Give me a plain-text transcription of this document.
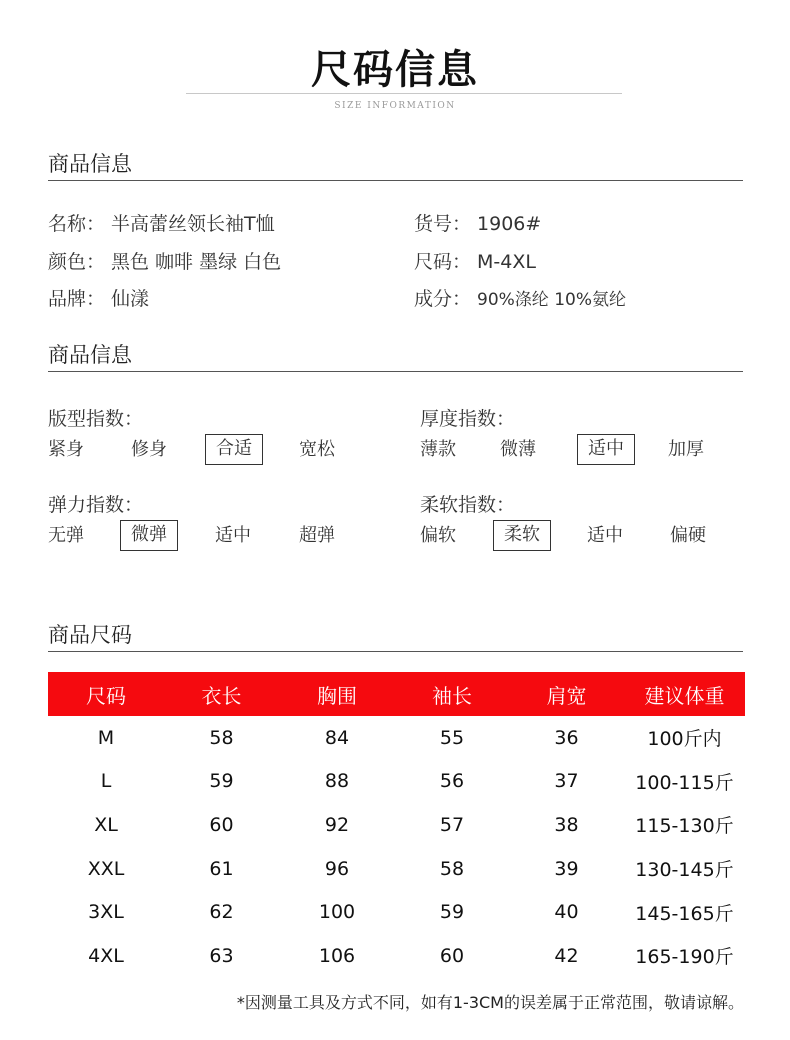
尺码信息
SIZE INFORMATION
商品信息
名称： 半高蕾丝领长袖T恤
颜色： 黑色 咖啡 墨绿 白色
品牌： 仙漾
货号： 1906#
尺码： M-4XL
成分： 90%涤纶 10%氨纶
商品信息
版型指数：
紧身	修身	合适	宽松
厚度指数：
薄款 微薄	适中	加厚
弹力指数：
无弹	微弹	适中	超弹
柔软指数：
偏软	柔软	适中	偏硬
商品尺码
尺码	衣长	胸围	袖长	肩宽	建议体重
M	58	84	55	36	100斤内
L	59	88	56	37	100-115斤
XL	60	92	57	38	115-130斤
XXL	61	96	58	39	130-145斤
3XL	62	100	59	40	145-165斤
4XL	63	106	60	42	165-190斤
*因测量工具及方式不同，如有1-3CM的误差属于正常范围，敬请谅解。
